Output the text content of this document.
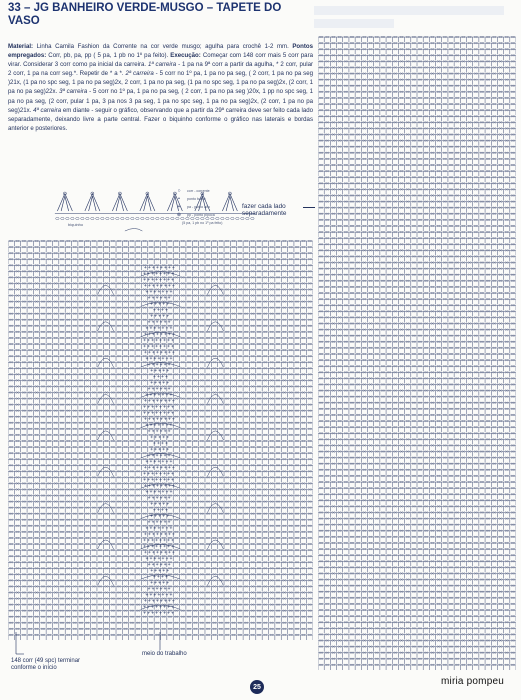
33 – JG BANHEIRO VERDE-MUSGO – TAPETE DO VASO
Material: Linha Camila Fashion da Corrente na cor verde musgo; agulha para crochê 1-2 mm. Pontos empregados: Corr, pb, pa, pp ( 5 pa, 1 pb no 1º pa feito). Execução: Começar com 148 corr mais 5 corr para virar. Considerar 3 corr como pa inicial da carreira. 1ª carreira - 1 pa na 9ª corr a partir da agulha, * 2 corr, pular 2 corr, 1 pa na corr seg.*. Repetir de * a *. 2ª carreira - 5 corr no 1º pa, 1 pa no pa seg, ( 2 corr, 1 pa no pa seg )21x, (1 pa no spc seg, 1 pa no pa seg)2x, 2 corr, 1 pa no pa seg, (1 pa no spc seg, 1 pa no pa seg)2x, (2 corr, 1 pa no pa seg)22x. 3ª carreira - 5 corr no 1º pa, 1 pa no pa seg, ( 2 corr, 1 pa no pa seg )20x, 1 pp no spc seg, 1 pa no pa seg, (2 corr, pular 1 pa, 3 pa nos 3 pa seg, 1 pa no spc seg, 1 pa no pa seg)2x, (2 corr, 1 pa no pa seg)21x. 4ª carreira em diante - seguir o gráfico, observando que a partir da 29ª carreira deve ser feito cada lado separadamente, deixando livre a parte central. Fazer o biquinho conforme o gráfico nas laterais e bordas anterior e posteriores.
○	corr - corrente
•	ponto baixo
+	pa - ponto alto
⊕	pp - ponto pipoca
(5 pa, 1 pb no 1º pa feito)
fazer cada lado separadamente
biquinho
148 corr (49 spc) terminar conforme o início
meio do trabalho
25	miria pompeu
